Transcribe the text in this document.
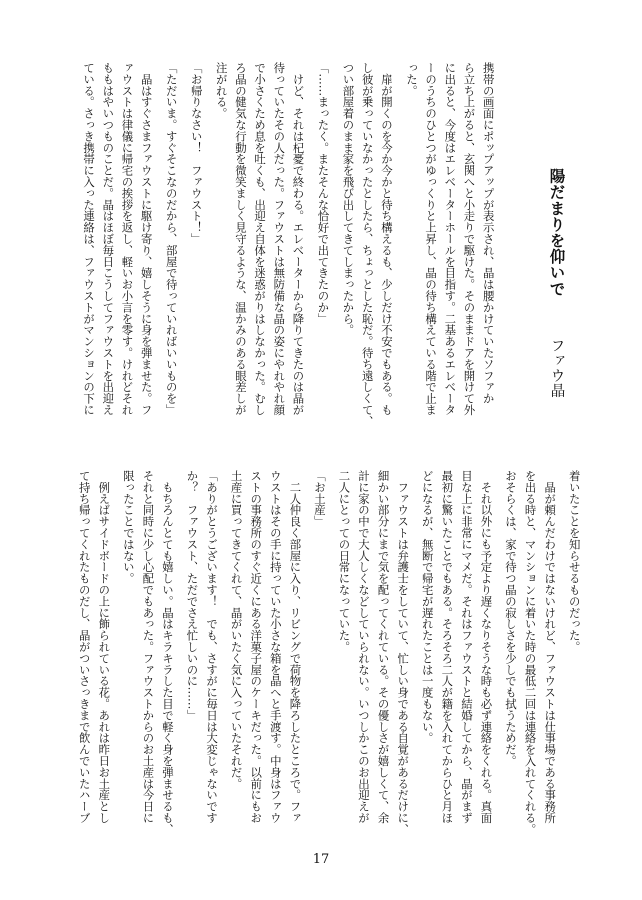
陽だまりを仰いで
ファウ晶
携帯の画面にポップアップが表示され、晶は腰かけていたソファか
ら立ち上がると、玄関へと小走りで駆けた。そのままドアを開けて外
に出ると、今度はエレベーターホールを目指す。二基あるエレベータ
ーのうちのひとつがゆっくりと上昇し、晶の待ち構えている階で止ま
った。
　扉が開くのを今か今かと待ち構えるも、少しだけ不安でもある。も
し彼が乗っていなかったとしたら、ちょっとした恥だ。待ち遠しくて、
つい部屋着のまま家を飛び出してきてしまったから。
「……まったく。またそんな恰好で出てきたのか」
　けど、それは杞憂で終わる。エレベーターから降りてきたのは晶が
待っていたその人だった。ファウストは無防備な晶の姿にやれやれ顔
で小さくため息を吐くも、出迎え自体を迷惑がりはしなかった。むし
ろ晶の健気な行動を微笑ましく見守るような、温かみのある眼差しが
注がれる。
「お帰りなさい！　ファウスト！」
「ただいま。すぐそこなのだから、部屋で待っていればいいものを」
　晶はすぐさまファウストに駆け寄り、嬉しそうに身を弾ませた。フ
ァウストは律儀に帰宅の挨拶を返し、軽いお小言を零す。けれどそれ
ももはやいつものことだ。晶はほぼ毎日こうしてファウストを出迎え
ている。さっき携帯に入った連絡は、ファウストがマンションの下に
着いたことを知らせるものだった。
　晶が頼んだわけではないけれど、ファウストは仕事場である事務所
を出る時と、マンションに着いた時の最低二回は連絡を入れてくれる。
おそらくは、家で待つ晶の寂しさを少しでも拭うためだ。
　それ以外にも予定より遅くなりそうな時も必ず連絡をくれる。真面
目な上に非常にマメだ。それはファウストと結婚してから、晶がまず
最初に驚いたことでもある。そろそろ二人が籍を入れてからひと月ほ
どになるが、無断で帰宅が遅れたことは一度もない。
　ファウストは弁護士をしていて、忙しい身である自覚があるだけに、
細かい部分にまで気を配ってくれている。その優しさが嬉しくて、余
計に家の中で大人しくなどしていられない。いつしかこのお出迎えが
二人にとっての日常になっていた。
「お土産」
　二人仲良く部屋に入り、リビングで荷物を降ろしたところで。ファ
ウストはその手に持っていた小さな箱を晶へと手渡す。中身はファウ
ストの事務所のすぐ近くにある洋菓子屋のケーキだった。以前にもお
土産に買ってきてくれて、晶がいたく気に入っていたそれだ。
「ありがとうございます！　でも、さすがに毎日は大変じゃないです
か？　ファウスト、ただでさえ忙しいのに……」
　もちろんとても嬉しい。晶はキラキラした目で軽く身を弾ませるも、
それと同時に少し心配でもあった。ファウストからのお土産は今日に
限ったことではない。
　例えばサイドボードの上に飾られている花。あれは昨日お土産とし
て持ち帰ってくれたものだし、晶がついさっきまで飲んでいたハーブ
17
